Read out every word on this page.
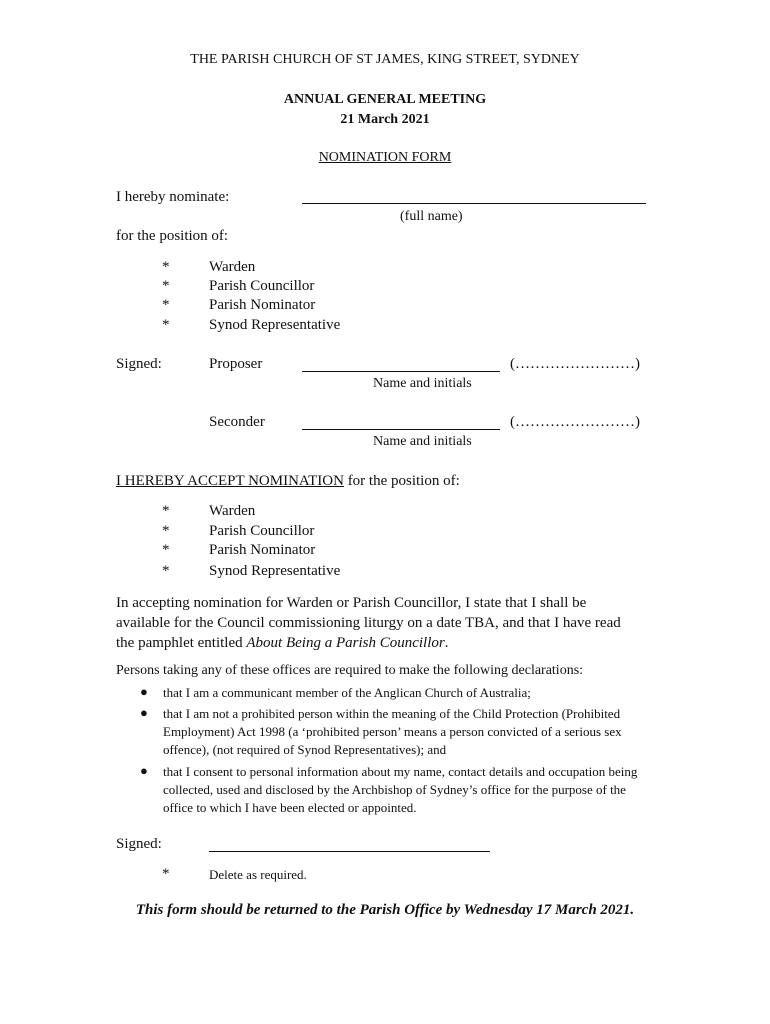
THE PARISH CHURCH OF ST JAMES, KING STREET, SYDNEY
ANNUAL GENERAL MEETING
21 March 2021
NOMINATION FORM
I hereby nominate:
(full name)
for the position of:
*	Warden
*	Parish Councillor
*	Parish Nominator
*	Synod Representative
Signed:	Proposer	(……………………)
Name and initials
Seconder	(……………………)
Name and initials
I HEREBY ACCEPT NOMINATION for the position of:
*	Warden
*	Parish Councillor
*	Parish Nominator
*	Synod Representative
In accepting nomination for Warden or Parish Councillor, I state that I shall be available for the Council commissioning liturgy on a date TBA, and that I have read the pamphlet entitled About Being a Parish Councillor.
Persons taking any of these offices are required to make the following declarations:
● that I am a communicant member of the Anglican Church of Australia;
● that I am not a prohibited person within the meaning of the Child Protection (Prohibited Employment) Act 1998 (a ‘prohibited person’ means a person convicted of a serious sex offence), (not required of Synod Representatives); and
● that I consent to personal information about my name, contact details and occupation being collected, used and disclosed by the Archbishop of Sydney’s office for the purpose of the office to which I have been elected or appointed.
Signed:
*	Delete as required.
This form should be returned to the Parish Office by Wednesday 17 March 2021.
